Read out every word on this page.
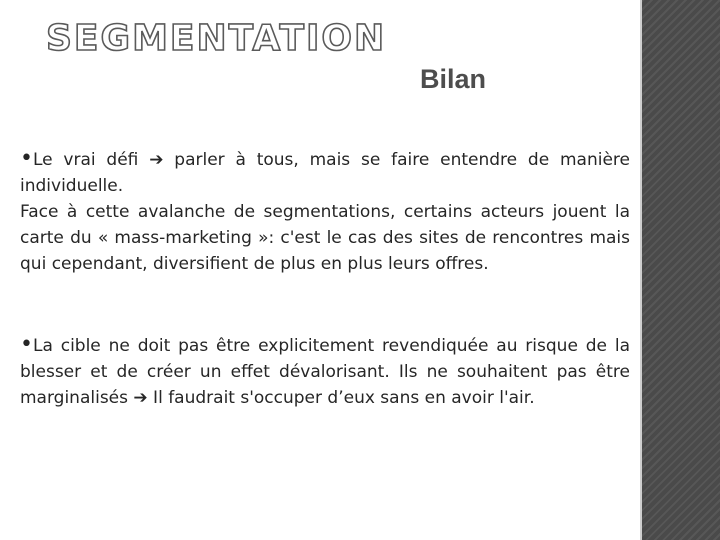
SEGMENTATION
Bilan

•Le vrai défi ➔ parler à tous, mais se faire entendre de manière individuelle.
Face à cette avalanche de segmentations, certains acteurs jouent la carte du « mass-marketing »: c'est le cas des sites de rencontres mais qui cependant, diversifient de plus en plus leurs offres.

•La cible ne doit pas être explicitement revendiquée au risque de la blesser et de créer un effet dévalorisant. Ils ne souhaitent pas être marginalisés ➔ Il faudrait s'occuper d’eux sans en avoir l'air.
